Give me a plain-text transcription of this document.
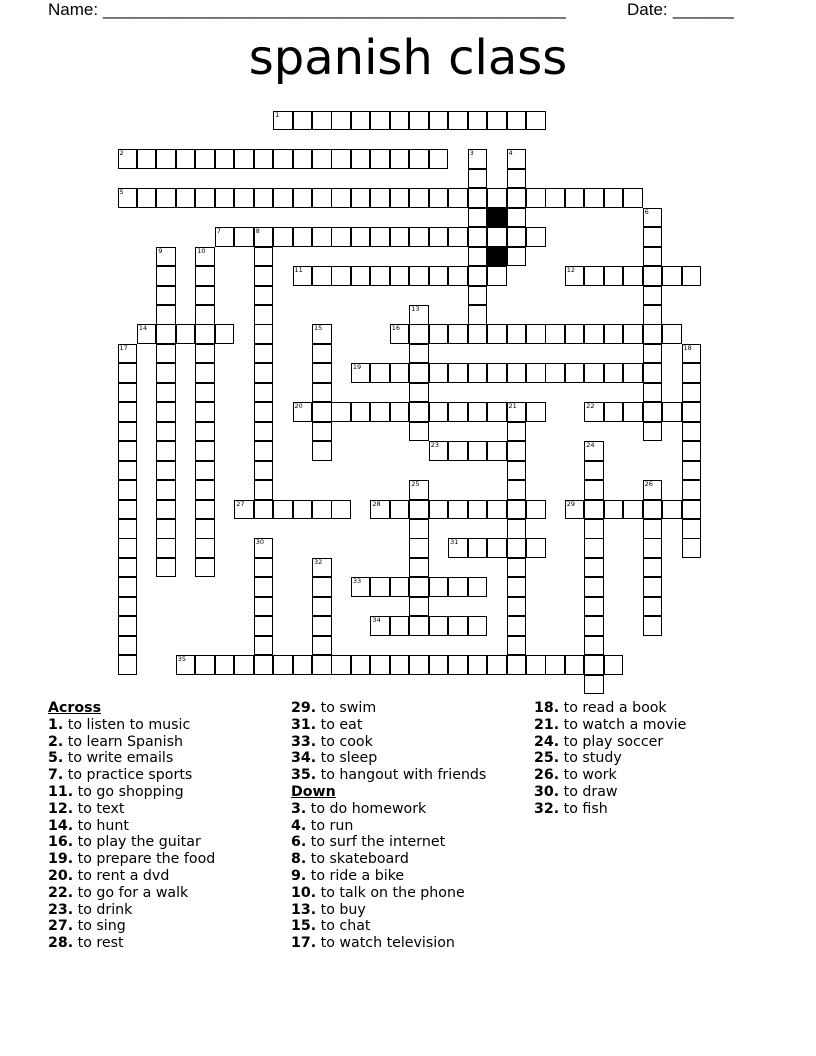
Name: ______________________________________________________	Date: _______
spanish class
1
2
5
7	8
11	12
14	16
19
20	21	22
23
27	28	29
31
33
34
35
3	4
6
9	10
13
15
17	18
24
25	26
30
32
Across
1. to listen to music
2. to learn Spanish
5. to write emails
7. to practice sports
11. to go shopping
12. to text
14. to hunt
16. to play the guitar
19. to prepare the food
20. to rent a dvd
22. to go for a walk
23. to drink
27. to sing
28. to rest
29. to swim
31. to eat
33. to cook
34. to sleep
35. to hangout with friends
Down
3. to do homework
4. to run
6. to surf the internet
8. to skateboard
9. to ride a bike
10. to talk on the phone
13. to buy
15. to chat
17. to watch television
18. to read a book
21. to watch a movie
24. to play soccer
25. to study
26. to work
30. to draw
32. to fish
